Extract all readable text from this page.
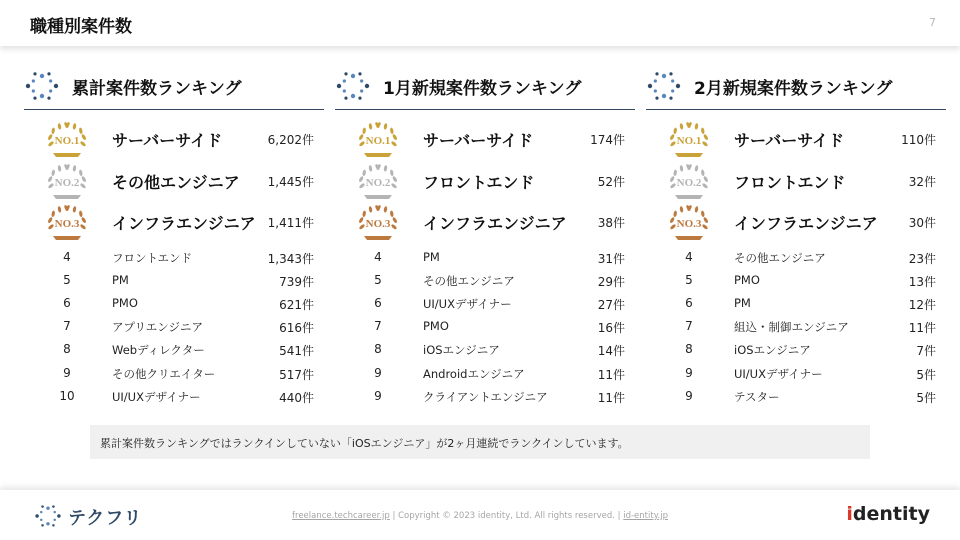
職種別案件数	7
累計案件数ランキング
NO.1 サーバーサイド	6,202件
NO.2 その他エンジニア 1,445件
NO.3 インフラエンジニア 1,411件
4	フロントエンド	1,343件
5	PM	739件
6	PMO	621件
7	アプリエンジニア	616件
8	Webディレクター	541件
9	その他クリエイター	517件
10	UI/UXデザイナー	440件
1月新規案件数ランキング
NO.1 サーバーサイド	174件
NO.2 フロントエンド	52件
NO.3 インフラエンジニア	38件
4	PM	31件
5	その他エンジニア	29件
6	UI/UXデザイナー	27件
7	PMO	16件
8	iOSエンジニア	14件
9	Androidエンジニア	11件
9	クライアントエンジニア	11件
2月新規案件数ランキング
NO.1 サーバーサイド	110件
NO.2 フロントエンド	32件
NO.3 インフラエンジニア	30件
4	その他エンジニア	23件
5	PMO	13件
6	PM	12件
7	組込・制御エンジニア	11件
8	iOSエンジニア	7件
9	UI/UXデザイナー	5件
9	テスター	5件
累計案件数ランキングではランクインしていない「iOSエンジニア」が2ヶ月連続でランクインしています。
テクフリ	freelance.techcareer.jp | Copyright © 2023 identity, Ltd. All rights reserved. | id-entity.jp	identity
